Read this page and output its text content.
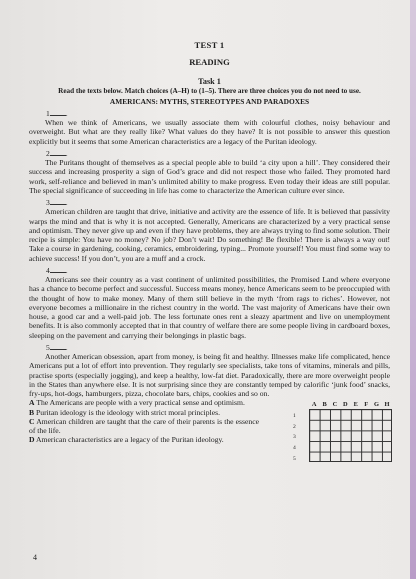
TEST 1
READING
Task 1
Read the texts below. Match choices (A–H) to (1–5). There are three choices you do not need to use.
AMERICANS: MYTHS, STEREOTYPES AND PARADOXES
1 .

When we think of Americans, we usually associate them with colourful clothes, noisy behaviour and overweight. But what are they really like? What values do they have? It is not possible to answer this question explicitly but it seems that some American characteristics are a legacy of the Puritan ideology.

2 .

The Puritans thought of themselves as a special people able to build ‘a city upon a hill’. They considered their success and increasing prosperity a sign of God’s grace and did not respect those who failed. They promoted hard work, self-reliance and believed in man’s unlimited ability to make progress. Even today their ideas are still popular. The special significance of succeeding in life has come to characterize the American culture ever since.

3 .

American children are taught that drive, initiative and activity are the essence of life. It is believed that passivity warps the mind and that is why it is not accepted. Generally, Americans are characterized by a very practical sense and optimism. They never give up and even if they have problems, they are always trying to find some solution. Their recipe is simple: You have no money? No job? Don’t wait! Do something! Be flexible! There is always a way out! Take a course in gardening, cooking, ceramics, embroidering, typing... Promote yourself! You must find some way to achieve success! If you don’t, you are a muff and a crock.

4 .

Americans see their country as a vast continent of unlimited possibilities, the Promised Land where everyone has a chance to become perfect and successful. Success means money, hence Americans seem to be preoccupied with the thought of how to make money. Many of them still believe in the myth ‘from rags to riches’. However, not everyone becomes a millionaire in the richest country in the world. The vast majority of Americans have their own house, a good car and a well-paid job. The less fortunate ones rent a sleazy apartment and live on unemployment benefits. It is also commonly accepted that in that country of welfare there are some people living in cardboard boxes, sleeping on the pavement and carrying their belongings in plastic bags.

5 .

Another American obsession, apart from money, is being fit and healthy. Illnesses make life complicated, hence Americans put a lot of effort into prevention. They regularly see specialists, take tons of vitamins, minerals and pills, practise sports (especially jogging), and keep a healthy, low-fat diet. Paradoxically, there are more overweight people in the States than anywhere else. It is not surprising since they are constantly temped by calorific ‘junk food’ snacks, fry-ups, hot-dogs, hamburgers, pizza, chocolate bars, chips, cookies and so on.

A The Americans are people with a very practical sense and optimism.
B Puritan ideology is the ideology with strict moral principles.
C American children are taught that the care of their parents is the essence of the life.
D American characteristics are a legacy of the Puritan ideology.
A B C D E F G H
1
2
3
4
5
4
